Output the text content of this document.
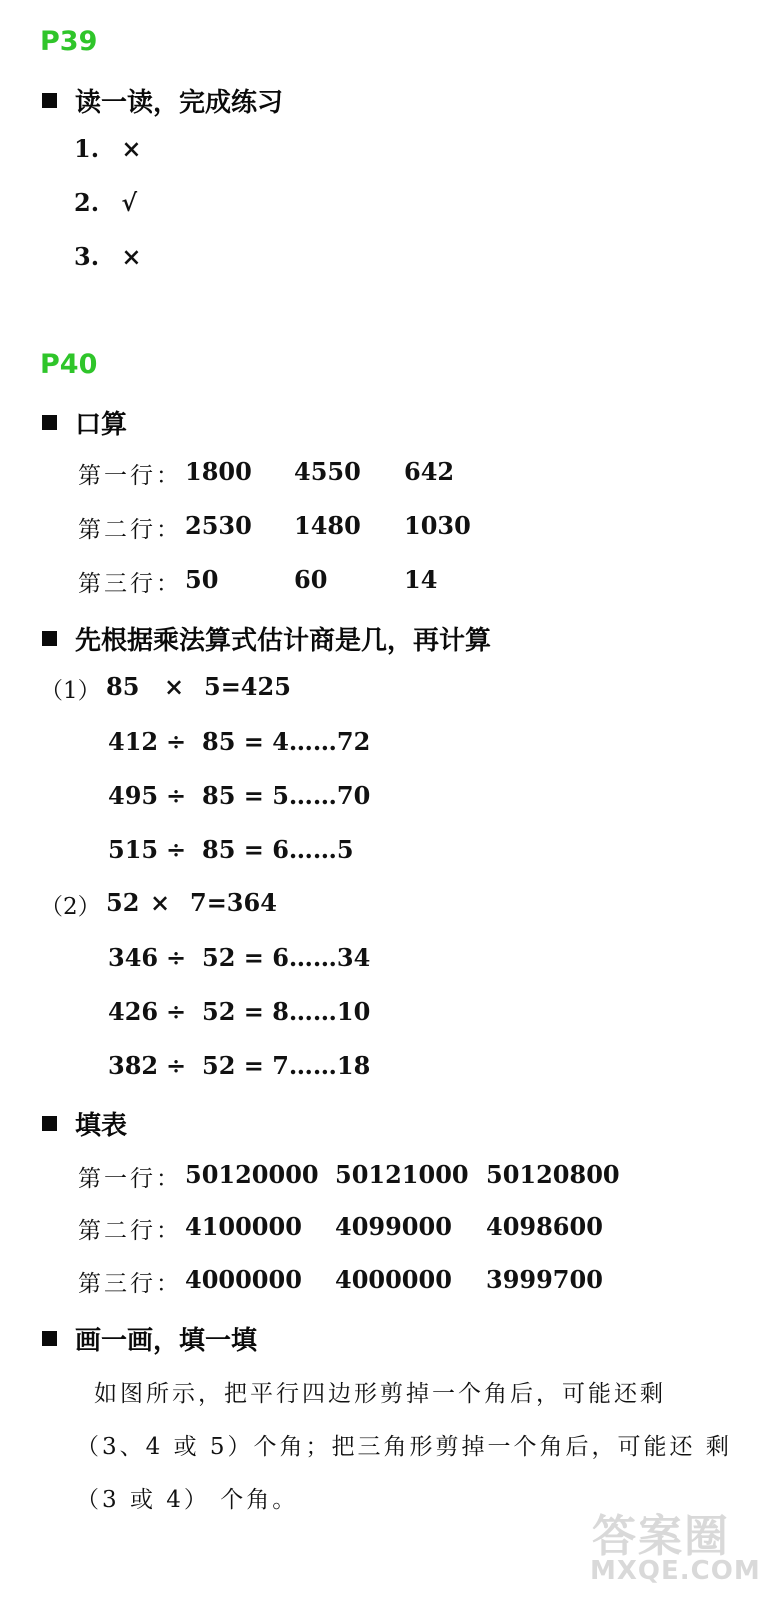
P39
读一读，完成练习
1. ×
2. √
3. ×
P40
口算
第一行： 1800 4550 642
第二行： 2530 1480 1030
第三行： 50	60	14
先根据乘法算式估计商是几，再计算
（1） 85 × 5=425
412 ÷ 85 = 4……72
495 ÷ 85 = 5……70
515 ÷ 85 = 6……5
（2） 52 × 7=364
346 ÷ 52 = 6……34
426 ÷ 52 = 8……10
382 ÷ 52 = 7……18
填表
第一行： 50120000 50121000 50120800
第二行： 4100000 4099000 4098600
第三行： 4000000 4000000 3999700
画一画，填一填
如图所示，把平行四边形剪掉一个角后，可能还剩
（3、4 或 5）个角；把三角形剪掉一个角后，可能还 剩
（3 或 4） 个角。
答案圈
MXQE.COM
